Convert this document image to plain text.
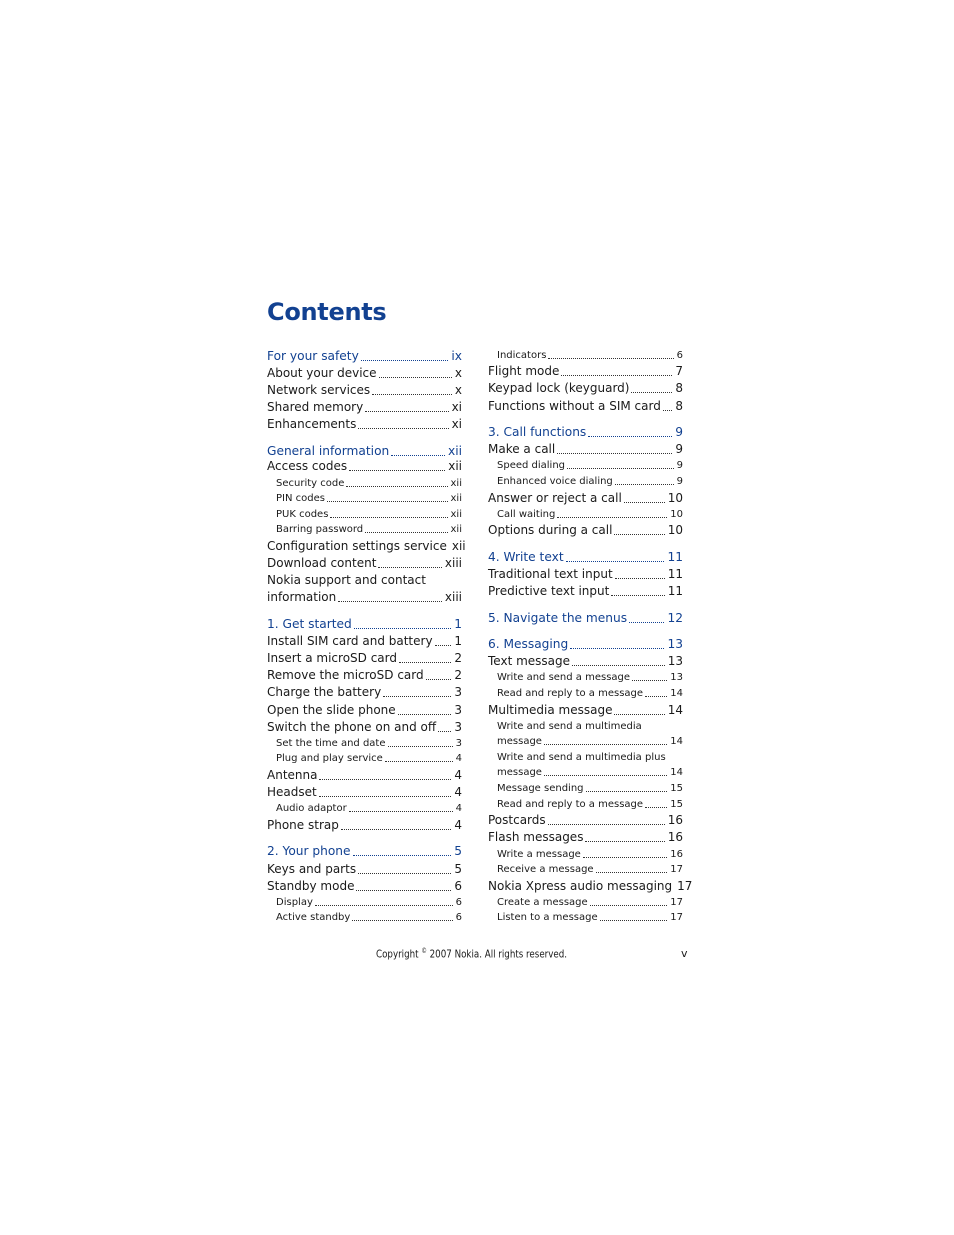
Contents
For your safety	ix
About your device	x
Network services	x
Shared memory	xi
Enhancements	xi
General information	xii
Access codes	xii
Security code	xii
PIN codes	xii
PUK codes	xii
Barring password	xii
Configuration settings service xii
Download content	xiii
Nokia support and contact
information	xiii
1. Get started	1
Install SIM card and battery 1
Insert a microSD card	2
Remove the microSD card	2
Charge the battery	3
Open the slide phone	3
Switch the phone on and off 3
Set the time and date	3
Plug and play service	4
Antenna	4
Headset	4
Audio adaptor	4
Phone strap	4
2. Your phone	5
Keys and parts	5
Standby mode	6
Display	6
Active standby	6
Indicators	6
Flight mode	7
Keypad lock (keyguard)	8
Functions without a SIM card 8
3. Call functions	9
Make a call	9
Speed dialing	9
Enhanced voice dialing	9
Answer or reject a call	10
Call waiting	10
Options during a call	10
4. Write text	11
Traditional text input	11
Predictive text input	11
5. Navigate the menus	12
6. Messaging	13
Text message	13
Write and send a message	13
Read and reply to a message	14
Multimedia message	14
Write and send a multimedia
message	14
Write and send a multimedia plus
message	14
Message sending	15
Read and reply to a message	15
Postcards	16
Flash messages	16
Write a message	16
Receive a message	17
Nokia Xpress audio messaging 17
Create a message	17
Listen to a message	17
Copyright © 2007 Nokia. All rights reserved.	v
